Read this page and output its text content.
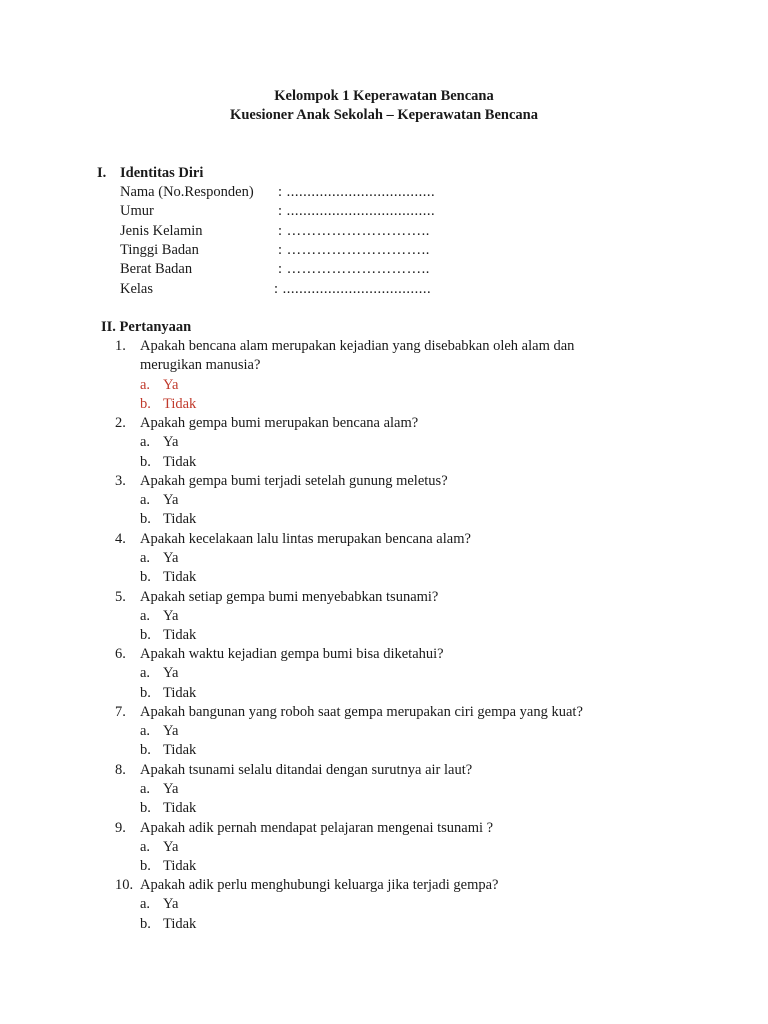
Kelompok 1 Keperawatan Bencana
Kuesioner Anak Sekolah – Keperawatan Bencana
I. Identitas Diri
Nama (No.Responden) : ....................................
Umur	: ....................................
Jenis Kelamin	: ………………………..
Tinggi Badan	: ………………………..
Berat Badan	: ………………………..
Kelas	: ....................................
II. Pertanyaan
1. Apakah bencana alam merupakan kejadian yang disebabkan oleh alam dan
merugikan manusia?
a. Ya
b. Tidak
2. Apakah gempa bumi merupakan bencana alam?
a. Ya
b. Tidak
3. Apakah gempa bumi terjadi setelah gunung meletus?
a. Ya
b. Tidak
4. Apakah kecelakaan lalu lintas merupakan bencana alam?
a. Ya
b. Tidak
5. Apakah setiap gempa bumi menyebabkan tsunami?
a. Ya
b. Tidak
6. Apakah waktu kejadian gempa bumi bisa diketahui?
a. Ya
b. Tidak
7. Apakah bangunan yang roboh saat gempa merupakan ciri gempa yang kuat?
a. Ya
b. Tidak
8. Apakah tsunami selalu ditandai dengan surutnya air laut?
a. Ya
b. Tidak
9. Apakah adik pernah mendapat pelajaran mengenai tsunami ?
a. Ya
b. Tidak
10. Apakah adik perlu menghubungi keluarga jika terjadi gempa?
a. Ya
b. Tidak
